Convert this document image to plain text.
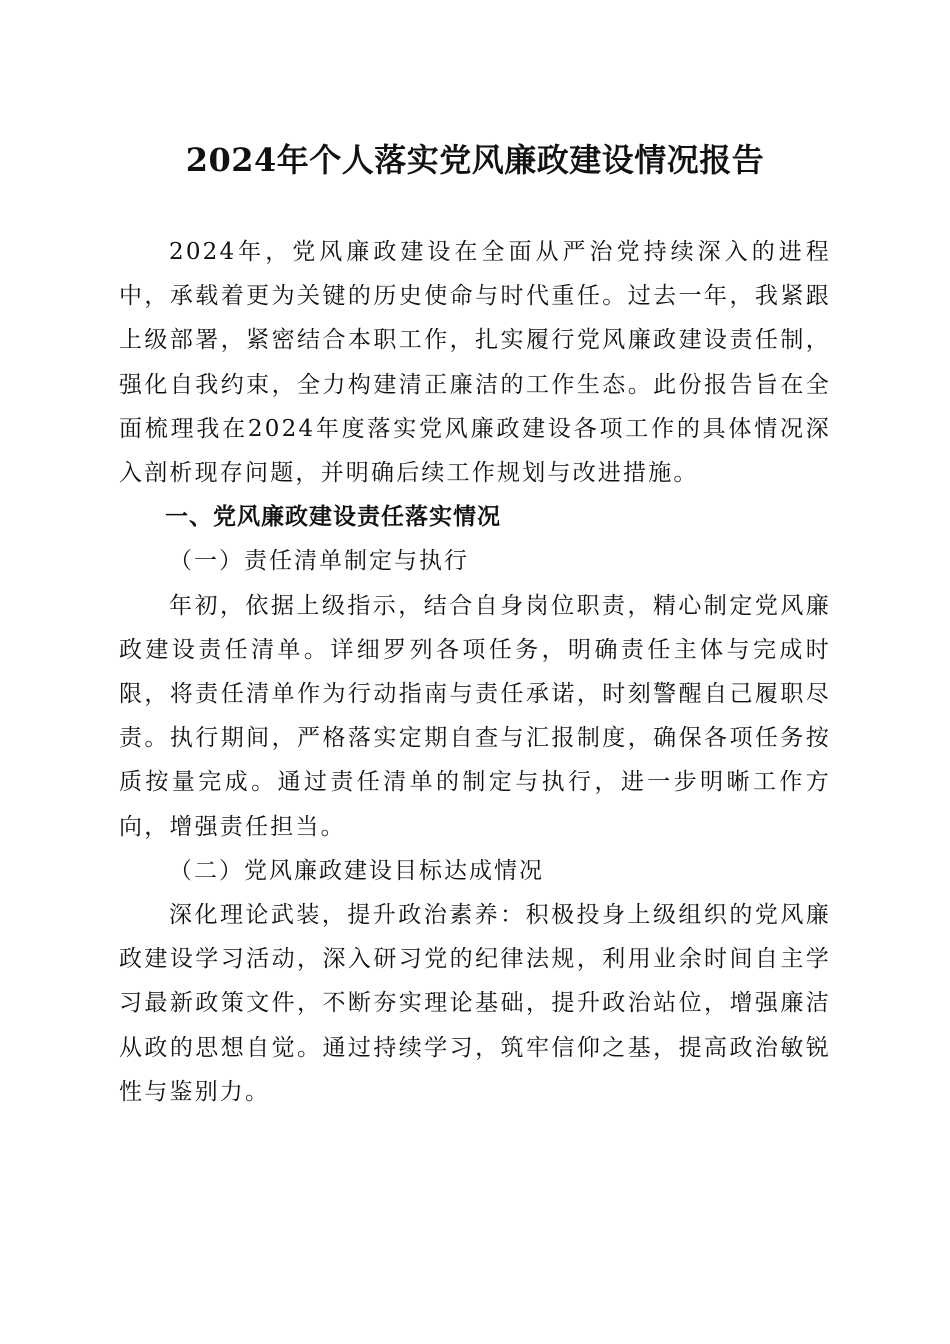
2024年个人落实党风廉政建设情况报告

2024年，党风廉政建设在全面从严治党持续深入的进程中，承载着更为关键的历史使命与时代重任。过去一年，我紧跟上级部署，紧密结合本职工作，扎实履行党风廉政建设责任制，强化自我约束，全力构建清正廉洁的工作生态。此份报告旨在全面梳理我在2024年度落实党风廉政建设各项工作的具体情况深入剖析现存问题，并明确后续工作规划与改进措施。

一、党风廉政建设责任落实情况
（一）责任清单制定与执行

年初，依据上级指示，结合自身岗位职责，精心制定党风廉政建设责任清单。详细罗列各项任务，明确责任主体与完成时限，将责任清单作为行动指南与责任承诺，时刻警醒自己履职尽责。执行期间，严格落实定期自查与汇报制度，确保各项任务按质按量完成。通过责任清单的制定与执行，进一步明晰工作方向，增强责任担当。

（二）党风廉政建设目标达成情况

深化理论武装，提升政治素养：积极投身上级组织的党风廉政建设学习活动，深入研习党的纪律法规，利用业余时间自主学习最新政策文件，不断夯实理论基础，提升政治站位，增强廉洁从政的思想自觉。通过持续学习，筑牢信仰之基，提高政治敏锐性与鉴别力。
